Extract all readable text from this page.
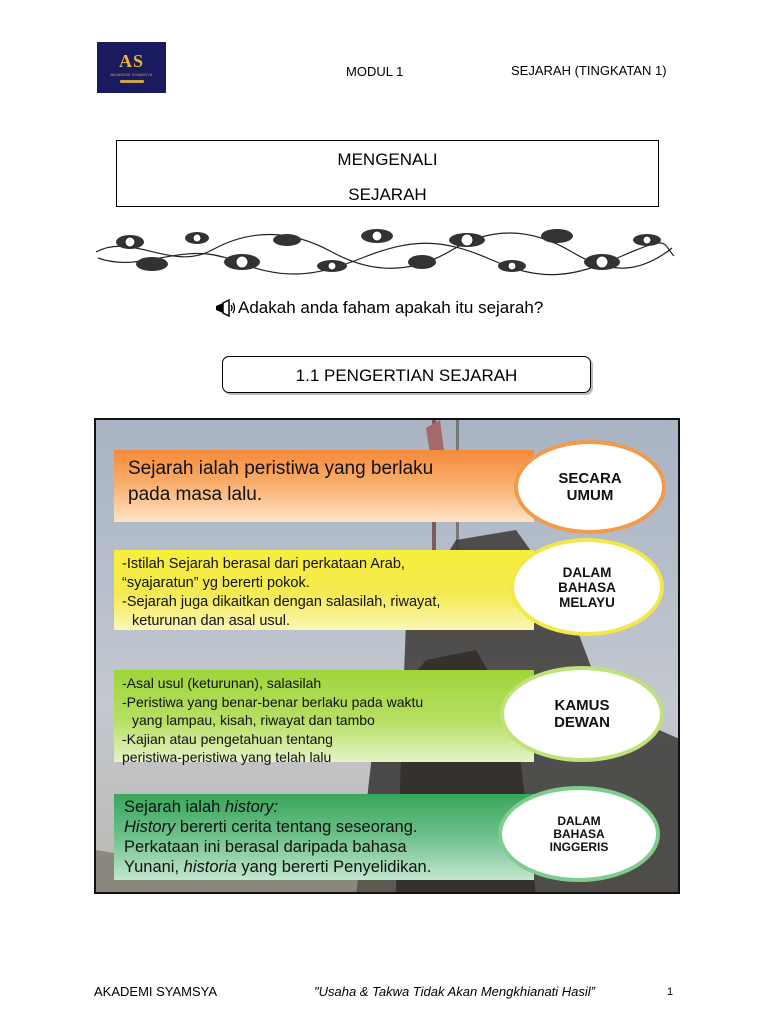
AS
AKADEMI SYAMSYA	MODUL 1	SEJARAH (TINGKATAN 1)
MENGENALI
SEJARAH
Adakah anda faham apakah itu sejarah?
1.1 PENGERTIAN SEJARAH
Sejarah ialah peristiwa yang berlaku
pada masa lalu.
SECARA
UMUM
-Istilah Sejarah berasal dari perkataan Arab,
“syajaratun” yg bererti pokok.
-Sejarah juga dikaitkan dengan salasilah, riwayat,
keturunan dan asal usul.
DALAM
BAHASA
MELAYU
-Asal usul (keturunan), salasilah
-Peristiwa yang benar-benar berlaku pada waktu
yang lampau, kisah, riwayat dan tambo
-Kajian atau pengetahuan tentang
peristiwa-peristiwa yang telah lalu
KAMUS
DEWAN
Sejarah ialah history:
History bererti cerita tentang seseorang.
Perkataan ini berasal daripada bahasa
Yunani, historia yang bererti Penyelidikan.
DALAM
BAHASA
INGGERIS
AKADEMI SYAMSYA	"Usaha & Takwa Tidak Akan Mengkhianati Hasil”	1
